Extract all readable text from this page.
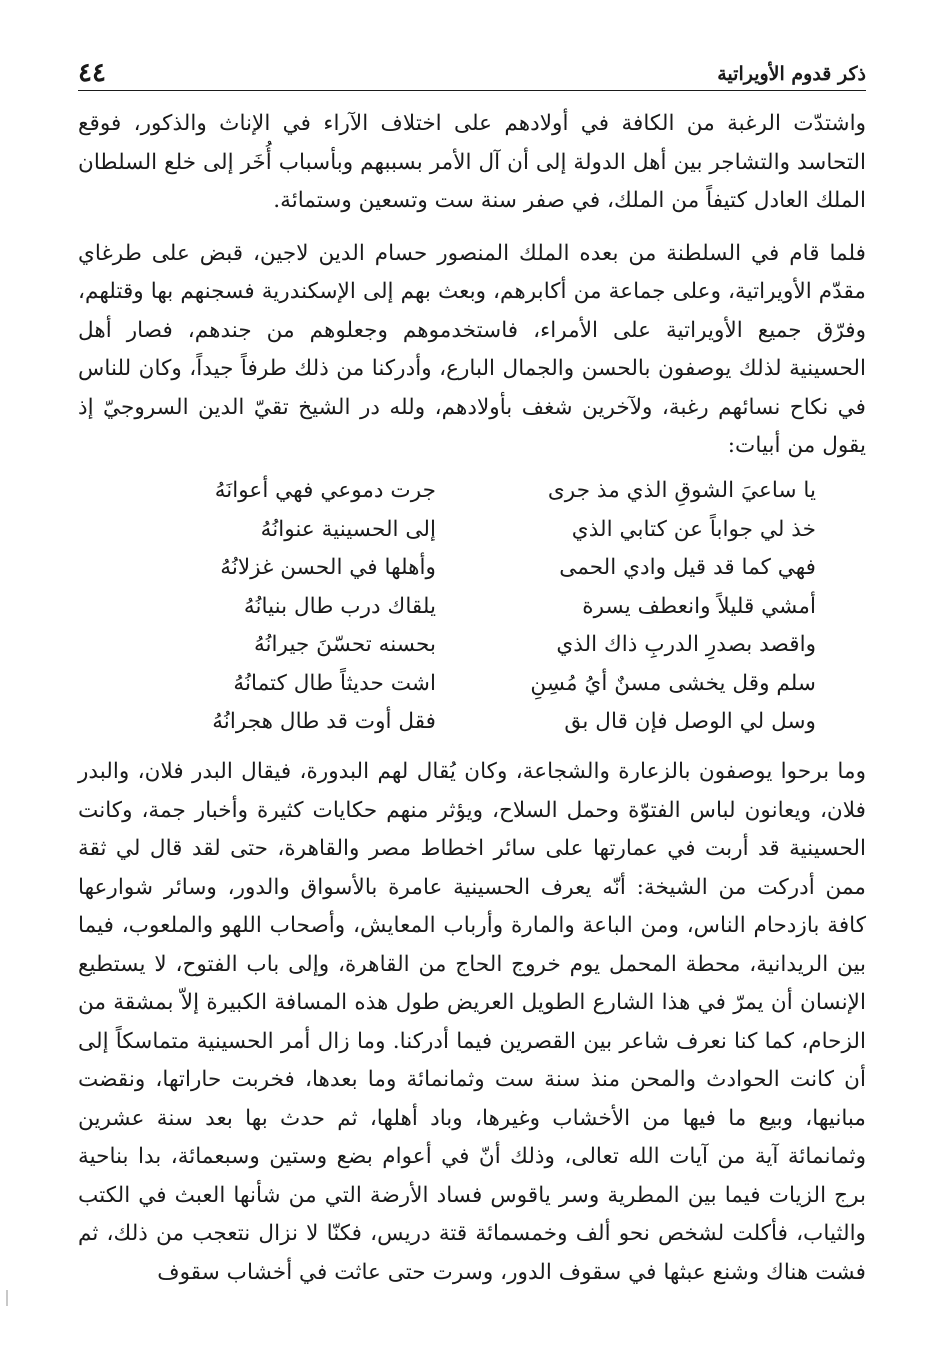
ذكر قدوم الأويراتية
٤٤

واشتدّت الرغبة من الكافة في أولادهم على اختلاف الآراء في الإناث والذكور، فوقع التحاسد والتشاجر بين أهل الدولة إلى أن آل الأمر بسببهم وبأسباب أُخَر إلى خلع السلطان الملك العادل كتيفاً من الملك، في صفر سنة ست وتسعين وستمائة.

فلما قام في السلطنة من بعده الملك المنصور حسام الدين لاجين، قبض على طرغاي مقدّم الأويراتية، وعلى جماعة من أكابرهم، وبعث بهم إلى الإسكندرية فسجنهم بها وقتلهم، وفرّق جميع الأويراتية على الأمراء، فاستخدموهم وجعلوهم من جندهم، فصار أهل الحسينية لذلك يوصفون بالحسن والجمال البارع، وأدركنا من ذلك طرفاً جيداً، وكان للناس في نكاح نسائهم رغبة، ولآخرين شغف بأولادهم، ولله در الشيخ تقيّ الدين السروجيّ إذ يقول من أبيات:

يا ساعيَ الشوقِ الذي مذ جرى
جرت دموعي فهي أعوانَهُ
خذ لي جواباً عن كتابي الذي
إلى الحسينية عنوانُهُ
فهي كما قد قيل وادي الحمى
وأهلها في الحسن غزلانُهُ
أمشي قليلاً وانعطف يسرة
يلقاك درب طال بنيانُهُ
واقصد بصدرِ الدربِ ذاك الذي
بحسنه تحسّنَ جيرانُهُ
سلم وقل يخشى مسنٌ أيُ مُسِنِ
اشت حديثاً طال كتمانُهُ
وسل لي الوصل فإن قال بق
فقل أوت قد طال هجرانُهُ

وما برحوا يوصفون بالزعارة والشجاعة، وكان يُقال لهم البدورة، فيقال البدر فلان، والبدر فلان، ويعانون لباس الفتوّة وحمل السلاح، ويؤثر منهم حكايات كثيرة وأخبار جمة، وكانت الحسينية قد أربت في عمارتها على سائر اخطاط مصر والقاهرة، حتى لقد قال لي ثقة ممن أدركت من الشيخة: أنّه يعرف الحسينية عامرة بالأسواق والدور، وسائر شوارعها كافة بازدحام الناس، ومن الباعة والمارة وأرباب المعايش، وأصحاب اللهو والملعوب، فيما بين الريدانية، محطة المحمل يوم خروج الحاج من القاهرة، وإلى باب الفتوح، لا يستطيع الإنسان أن يمرّ في هذا الشارع الطويل العريض طول هذه المسافة الكبيرة إلاّ بمشقة من الزحام، كما كنا نعرف شاعر بين القصرين فيما أدركنا. وما زال أمر الحسينية متماسكاً إلى أن كانت الحوادث والمحن منذ سنة ست وثمانمائة وما بعدها، فخربت حاراتها، ونقضت مبانيها، وبيع ما فيها من الأخشاب وغيرها، وباد أهلها، ثم حدث بها بعد سنة عشرين وثمانمائة آية من آيات الله تعالى، وذلك أنّ في أعوام بضع وستين وسبعمائة، بدا بناحية برج الزيات فيما بين المطرية وسر ياقوس فساد الأرضة التي من شأنها العبث في الكتب والثياب، فأكلت لشخص نحو ألف وخمسمائة قتة دريس، فكنّا لا نزال نتعجب من ذلك، ثم فشت هناك وشنع عبثها في سقوف الدور، وسرت حتى عاثت في أخشاب سقوف
